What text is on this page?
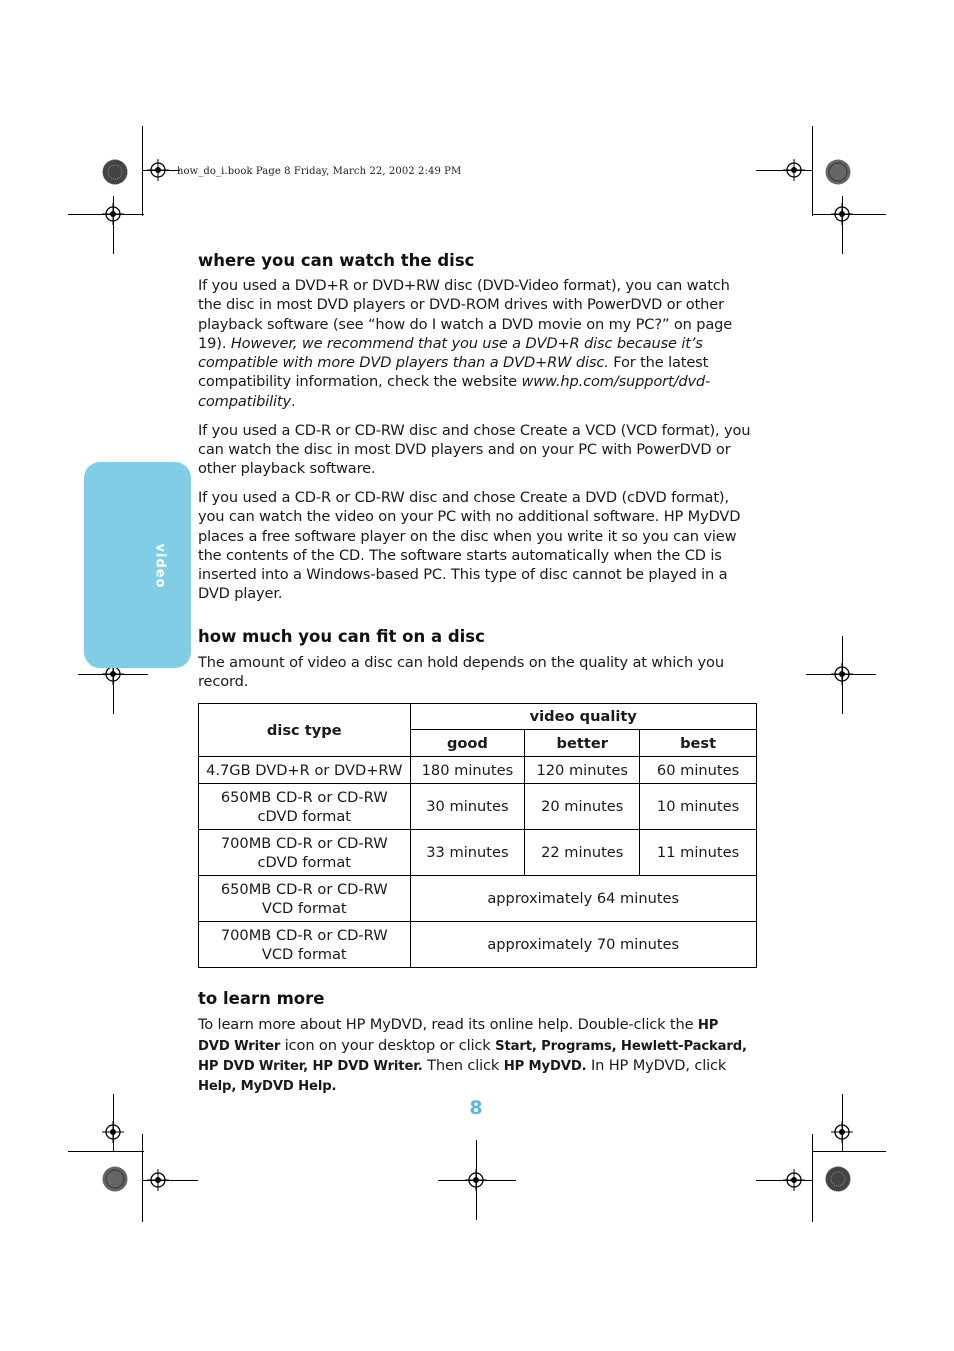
how_do_i.book Page 8 Friday, March 22, 2002 2:49 PM
video
where you can watch the disc

If you used a DVD+R or DVD+RW disc (DVD-Video format), you can watch the disc in most DVD players or DVD-ROM drives with PowerDVD or other playback software (see “how do I watch a DVD movie on my PC?” on page 19). However, we recommend that you use a DVD+R disc because it’s compatible with more DVD players than a DVD+RW disc. For the latest compatibility information, check the website www.hp.com/support/dvd-compatibility.

If you used a CD-R or CD-RW disc and chose Create a VCD (VCD format), you can watch the disc in most DVD players and on your PC with PowerDVD or other playback software.

If you used a CD-R or CD-RW disc and chose Create a DVD (cDVD format), you can watch the video on your PC with no additional software. HP MyDVD places a free software player on the disc when you write it so you can view the contents of the CD. The software starts automatically when the CD is inserted into a Windows-based PC. This type of disc cannot be played in a DVD player.

how much you can fit on a disc

The amount of video a disc can hold depends on the quality at which you record.

disc type	video quality		
	good	better	best
4.7GB DVD+R or DVD+RW	180 minutes	120 minutes	60 minutes
650MB CD-R or CD-RW
cDVD format	30 minutes	20 minutes	10 minutes
700MB CD-R or CD-RW
cDVD format	33 minutes	22 minutes	11 minutes
650MB CD-R or CD-RW
VCD format	approximately 64 minutes		
700MB CD-R or CD-RW
VCD format	approximately 70 minutes		
to learn more

To learn more about HP MyDVD, read its online help. Double-click the HP DVD Writer icon on your desktop or click Start, Programs, Hewlett-Packard, HP DVD Writer, HP DVD Writer. Then click HP MyDVD. In HP MyDVD, click Help, MyDVD Help.

8
